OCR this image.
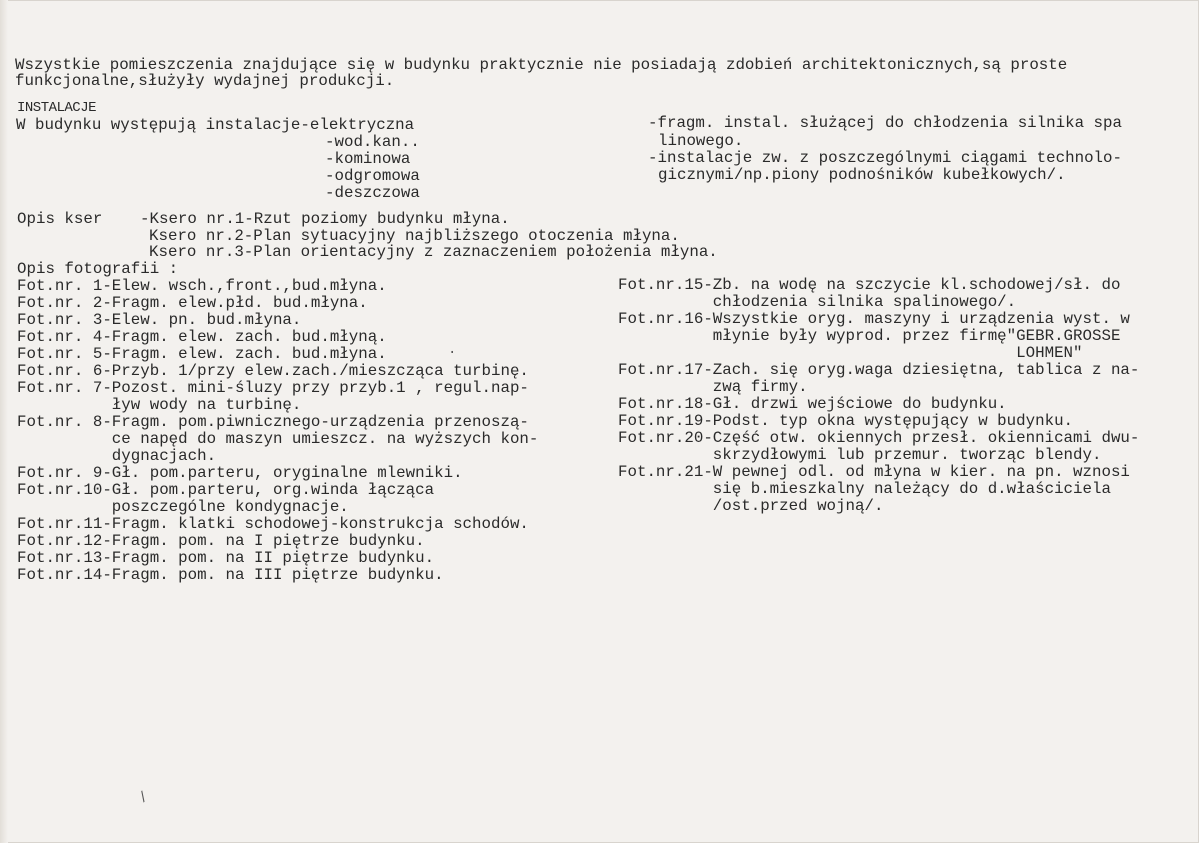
Wszystkie pomieszczenia znajdujące się w budynku praktycznie nie posiadają zdobień architektonicznych,są proste
funkcjonalne,służyły wydajnej produkcji.
INSTALACJE
W budynku występują instalacje-elektryczna
-wod.kan..
-kominowa
-odgromowa
-deszczowa
-fragm. instal. służącej do chłodzenia silnika spa
linowego.
-instalacje zw. z poszczególnymi ciągami technolo-
gicznymi/np.piony podnośników kubełkowych/.
Opis kser -Ksero nr.1-Rzut poziomy budynku młyna.
Ksero nr.2-Plan sytuacyjny najbliższego otoczenia młyna.
Ksero nr.3-Plan orientacyjny z zaznaczeniem położenia młyna.
Opis fotografii :
Fot.nr. 1-Elew. wsch.,front.,bud.młyna.
Fot.nr. 2-Fragm. elew.płd. bud.młyna.
Fot.nr. 3-Elew. pn. bud.młyna.
Fot.nr. 4-Fragm. elew. zach. bud.młyną.
Fot.nr. 5-Fragm. elew. zach. bud.młyna.
Fot.nr. 6-Przyb. 1/przy elew.zach./mieszcząca turbinę.
Fot.nr. 7-Pozost. mini-śluzy przy przyb.1 , regul.nap-
ływ wody na turbinę.
Fot.nr. 8-Fragm. pom.piwnicznego-urządzenia przenoszą-
ce napęd do maszyn umieszcz. na wyższych kon-
dygnacjach.
Fot.nr. 9-Gł. pom.parteru, oryginalne mlewniki.
Fot.nr.10-Gł. pom.parteru, org.winda łącząca
poszczególne kondygnacje.
Fot.nr.11-Fragm. klatki schodowej-konstrukcja schodów.
Fot.nr.12-Fragm. pom. na I piętrze budynku.
Fot.nr.13-Fragm. pom. na II piętrze budynku.
Fot.nr.14-Fragm. pom. na III piętrze budynku.
Fot.nr.15-Zb. na wodę na szczycie kl.schodowej/sł. do
chłodzenia silnika spalinowego/.
Fot.nr.16-Wszystkie oryg. maszyny i urządzenia wyst. w
młynie były wyprod. przez firmę"GEBR.GROSSE
LOHMEN"
Fot.nr.17-Zach. się oryg.waga dziesiętna, tablica z na-
zwą firmy.
Fot.nr.18-Gł. drzwi wejściowe do budynku.
Fot.nr.19-Podst. typ okna występujący w budynku.
Fot.nr.20-Część otw. okiennych przesł. okiennicami dwu-
skrzydłowymi lub przemur. tworząc blendy.
Fot.nr.21-W pewnej odl. od młyna w kier. na pn. wznosi
się b.mieszkalny należący do d.właściciela
/ost.przed wojną/.
·
/
